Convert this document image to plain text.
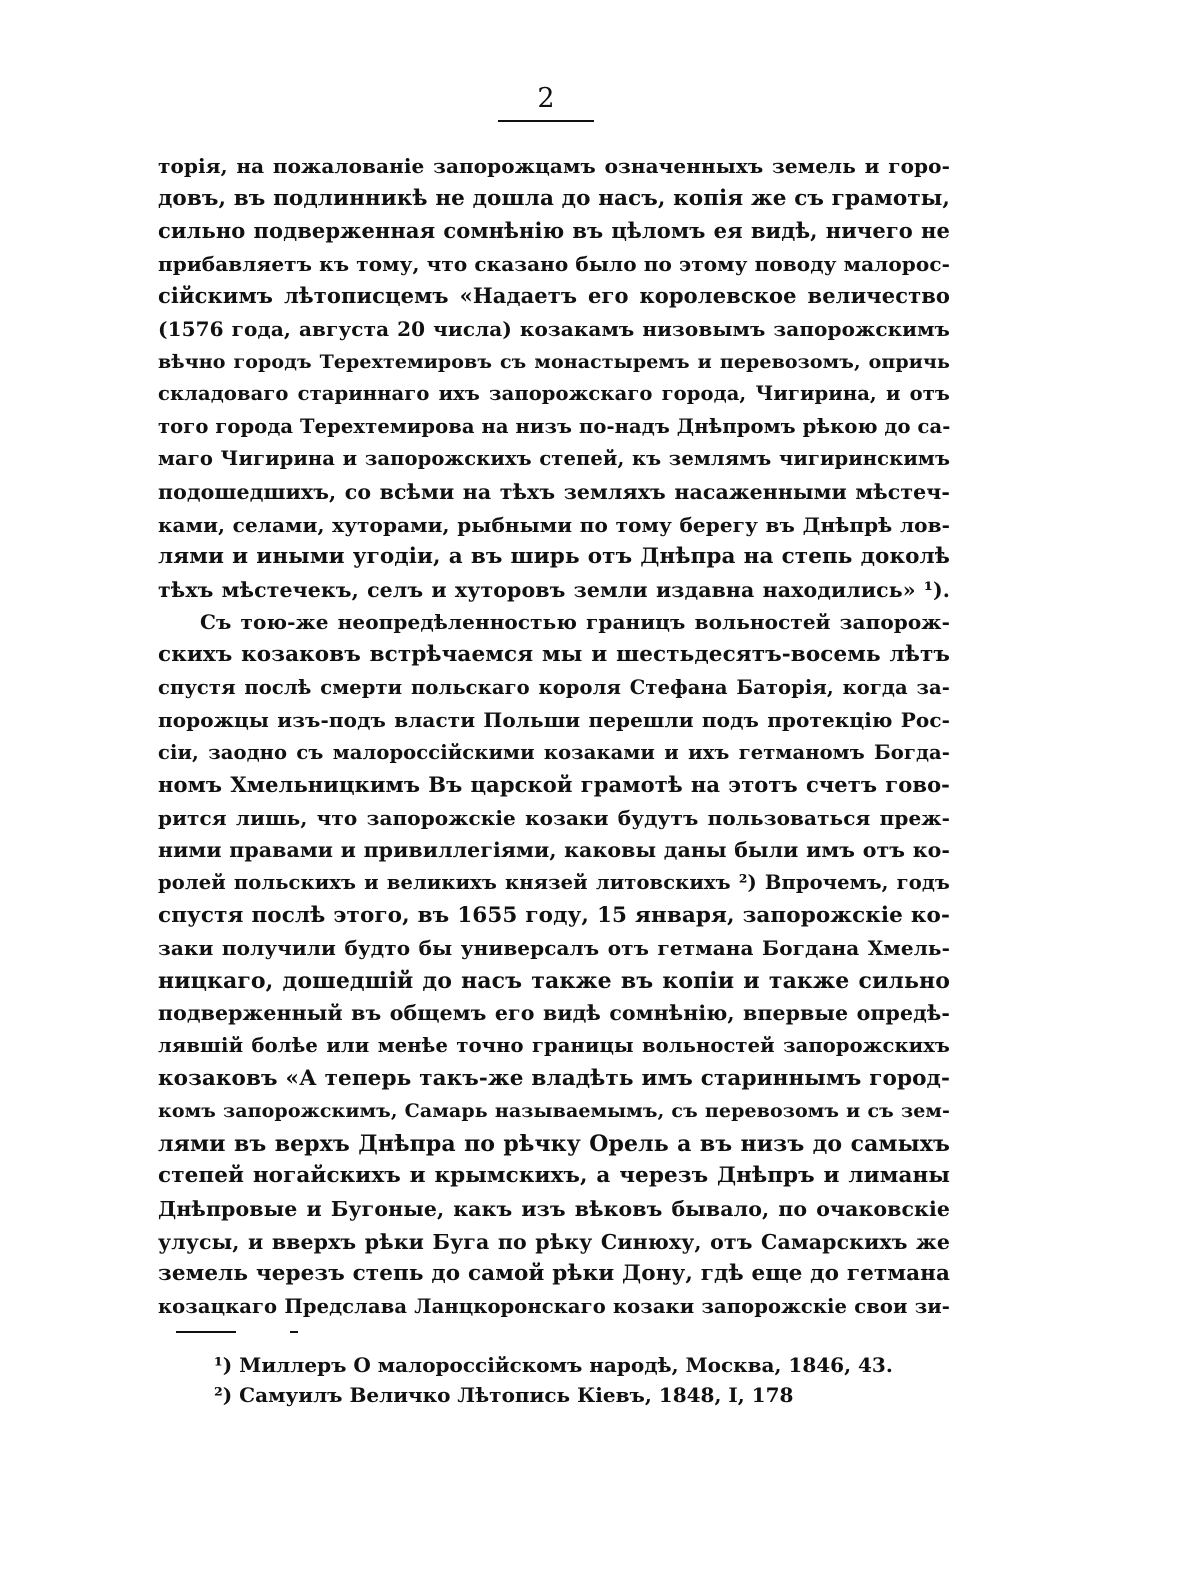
2
торія, на пожалованіе запорожцамъ означенныхъ земель и горо-
довъ, въ подлинникѣ не дошла до насъ, копія же съ грамоты,
сильно подверженная сомнѣнію въ цѣломъ ея видѣ, ничего не
прибавляетъ къ тому, что сказано было по этому поводу малорос-
сійскимъ лѣтописцемъ «Надаетъ его королевское величество
(1576 года, августа 20 числа) козакамъ низовымъ запорожскимъ
вѣчно городъ Терехтемировъ съ монастыремъ и перевозомъ, опричь
складоваго стариннаго ихъ запорожскаго города, Чигирина, и отъ
того города Терехтемирова на низъ по-надъ Днѣпромъ рѣкою до са-
маго Чигирина и запорожскихъ степей, къ землямъ чигиринскимъ
подошедшихъ, со всѣми на тѣхъ земляхъ насаженными мѣстеч-
ками, селами, хуторами, рыбными по тому берегу въ Днѣпрѣ лов-
лями и иными угодіи, а въ ширь отъ Днѣпра на степь доколѣ
тѣхъ мѣстечекъ, селъ и хуторовъ земли издавна находились» ¹).
Съ тою-же неопредѣленностью границъ вольностей запорож-
скихъ козаковъ встрѣчаемся мы и шестьдесятъ-восемь лѣтъ
спустя послѣ смерти польскаго короля Стефана Баторія, когда за-
порожцы изъ-подъ власти Польши перешли подъ протекцію Рос-
сіи, заодно съ малороссійскими козаками и ихъ гетманомъ Богда-
номъ Хмельницкимъ Въ царской грамотѣ на этотъ счетъ гово-
рится лишь, что запорожскіе козаки будутъ пользоваться преж-
ними правами и привиллегіями, каковы даны были имъ отъ ко-
ролей польскихъ и великихъ князей литовскихъ ²) Впрочемъ, годъ
спустя послѣ этого, въ 1655 году, 15 января, запорожскіе ко-
заки получили будто бы универсалъ отъ гетмана Богдана Хмель-
ницкаго, дошедшій до насъ также въ копіи и также сильно
подверженный въ общемъ его видѣ сомнѣнію, впервые опредѣ-
лявшій болѣе или менѣе точно границы вольностей запорожскихъ
козаковъ «А теперь такъ-же владѣть имъ стариннымъ город-
комъ запорожскимъ, Самарь называемымъ, съ перевозомъ и съ зем-
лями въ верхъ Днѣпра по рѣчку Орель а въ низъ до самыхъ
степей ногайскихъ и крымскихъ, а черезъ Днѣпръ и лиманы
Днѣпровые и Бугоные, какъ изъ вѣковъ бывало, по очаковскіе
улусы, и вверхъ рѣки Буга по рѣку Синюху, отъ Самарскихъ же
земель черезъ степь до самой рѣки Дону, гдѣ еще до гетмана
козацкаго Предслава Ланцкоронскаго козаки запорожскіе свои зи-
¹) Миллеръ О малороссійскомъ народѣ, Москва, 1846, 43.
²) Самуилъ Величко Лѣтопись Кіевъ, 1848, I, 178
